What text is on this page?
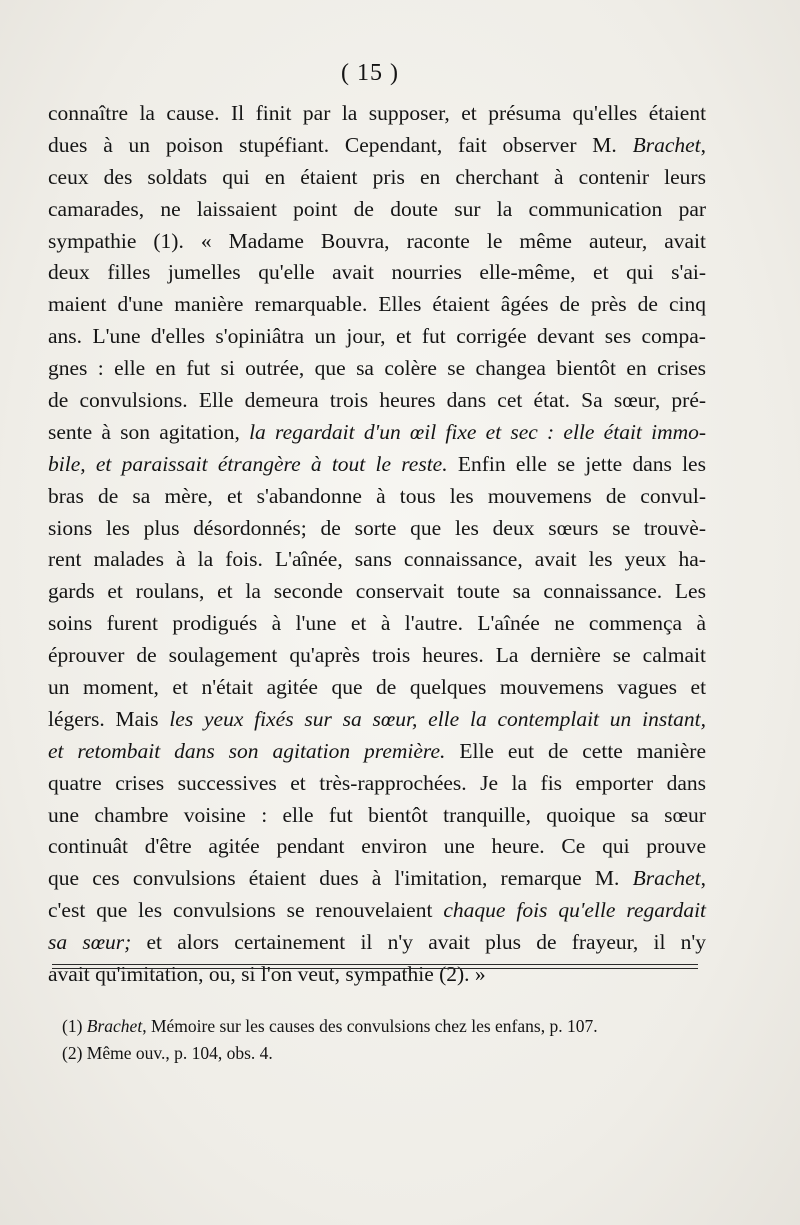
( 15 )
connaître la cause. Il finit par la supposer, et présuma qu'elles étaient
dues à un poison stupéfiant. Cependant, fait observer M. Brachet,
ceux des soldats qui en étaient pris en cherchant à contenir leurs
camarades, ne laissaient point de doute sur la communication par
sympathie (1). « Madame Bouvra, raconte le même auteur, avait
deux filles jumelles qu'elle avait nourries elle-même, et qui s'ai-
maient d'une manière remarquable. Elles étaient âgées de près de cinq
ans. L'une d'elles s'opiniâtra un jour, et fut corrigée devant ses compa-
gnes : elle en fut si outrée, que sa colère se changea bientôt en crises
de convulsions. Elle demeura trois heures dans cet état. Sa sœur, pré-
sente à son agitation, la regardait d'un œil fixe et sec : elle était immo-
bile, et paraissait étrangère à tout le reste. Enfin elle se jette dans les
bras de sa mère, et s'abandonne à tous les mouvemens de convul-
sions les plus désordonnés; de sorte que les deux sœurs se trouvè-
rent malades à la fois. L'aînée, sans connaissance, avait les yeux ha-
gards et roulans, et la seconde conservait toute sa connaissance. Les
soins furent prodigués à l'une et à l'autre. L'aînée ne commença à
éprouver de soulagement qu'après trois heures. La dernière se calmait
un moment, et n'était agitée que de quelques mouvemens vagues et
légers. Mais les yeux fixés sur sa sœur, elle la contemplait un instant,
et retombait dans son agitation première. Elle eut de cette manière
quatre crises successives et très-rapprochées. Je la fis emporter dans
une chambre voisine : elle fut bientôt tranquille, quoique sa sœur
continuât d'être agitée pendant environ une heure. Ce qui prouve
que ces convulsions étaient dues à l'imitation, remarque M. Brachet,
c'est que les convulsions se renouvelaient chaque fois qu'elle regardait
sa sœur; et alors certainement il n'y avait plus de frayeur, il n'y
avait qu'imitation, ou, si l'on veut, sympathie (2). »
(1) Brachet, Mémoire sur les causes des convulsions chez les enfans, p. 107.
(2) Même ouv., p. 104, obs. 4.
